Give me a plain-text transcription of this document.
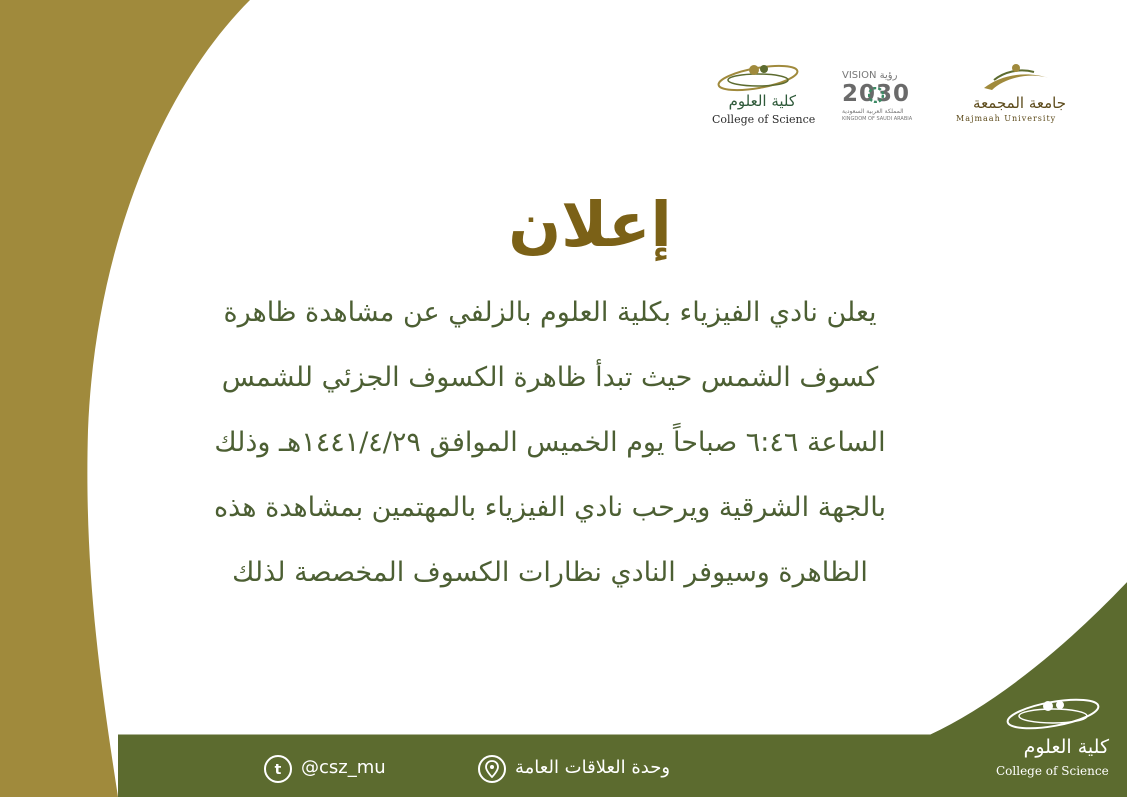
كلية العلوم
College of Science
VISION رؤية
2030
المملكة العربية السعودية
KINGDOM OF SAUDI ARABIA
جامعة المجمعة
Majmaah University
إعلان
يعلن نادي الفيزياء بكلية العلوم بالزلفي عن مشاهدة ظاهرة
كسوف الشمس حيث تبدأ ظاهرة الكسوف الجزئي للشمس
الساعة ٦:٤٦ صباحاً يوم الخميس الموافق ١٤٤١/٤/٢٩هـ وذلك
بالجهة الشرقية ويرحب نادي الفيزياء بالمهتمين بمشاهدة هذه
الظاهرة وسيوفر النادي نظارات الكسوف المخصصة لذلك
t @csz_mu	وحدة العلاقات العامة
كلية العلوم
College of Science
